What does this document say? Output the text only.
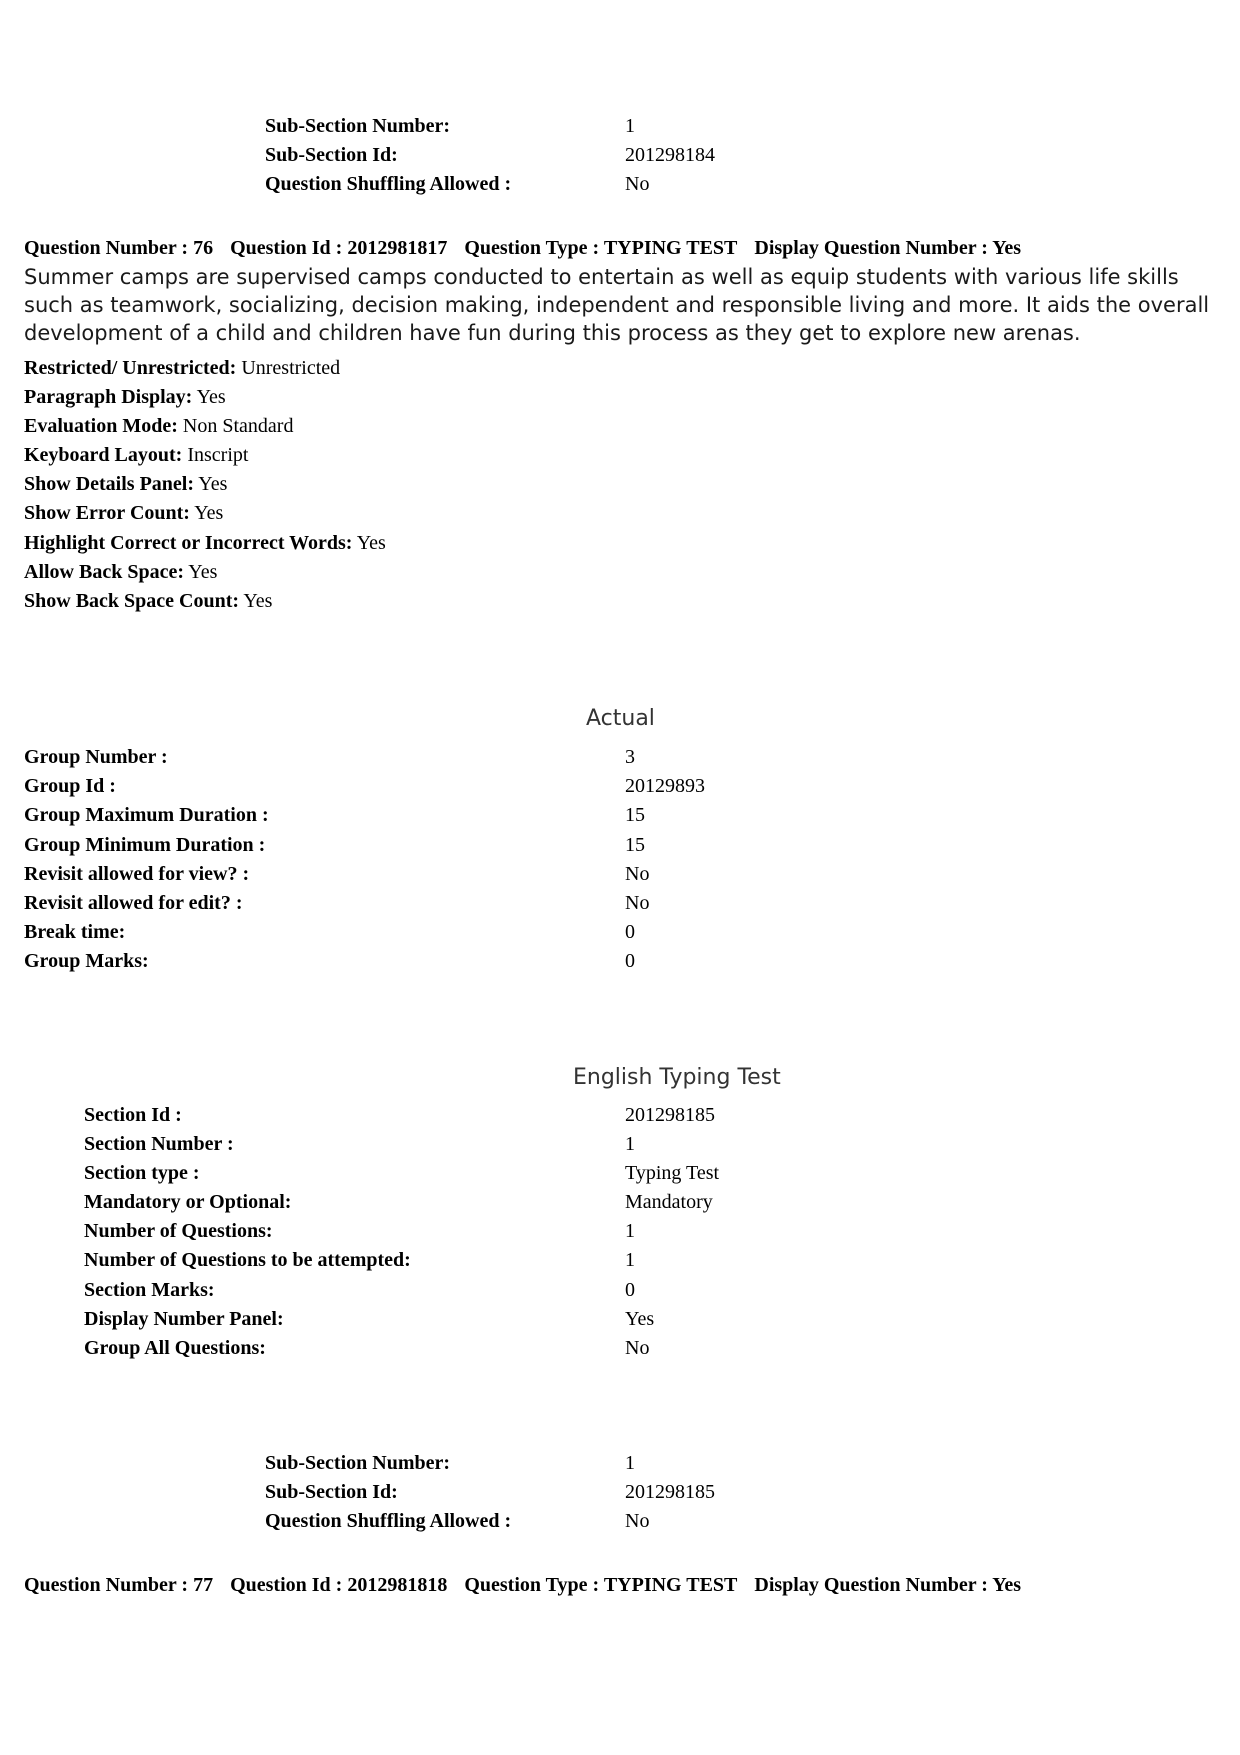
Sub-Section Number:	1
Sub-Section Id:	201298184
Question Shuffling Allowed :	No
Question Number : 76 Question Id : 2012981817 Question Type : TYPING TEST Display Question Number : Yes
Summer camps are supervised camps conducted to entertain as well as equip students with various life skills such as teamwork, socializing, decision making, independent and responsible living and more. It aids the overall development of a child and children have fun during this process as they get to explore new arenas.
Restricted/ Unrestricted: Unrestricted
Paragraph Display: Yes
Evaluation Mode: Non Standard
Keyboard Layout: Inscript
Show Details Panel: Yes
Show Error Count: Yes
Highlight Correct or Incorrect Words: Yes
Allow Back Space: Yes
Show Back Space Count: Yes
Actual
Group Number :	3
Group Id :	20129893
Group Maximum Duration :	15
Group Minimum Duration :	15
Revisit allowed for view? :	No
Revisit allowed for edit? :	No
Break time:	0
Group Marks:	0
English Typing Test
Section Id :	201298185
Section Number :	1
Section type :	Typing Test
Mandatory or Optional:	Mandatory
Number of Questions:	1
Number of Questions to be attempted:	1
Section Marks:	0
Display Number Panel:	Yes
Group All Questions:	No
Sub-Section Number:	1
Sub-Section Id:	201298185
Question Shuffling Allowed :	No
Question Number : 77 Question Id : 2012981818 Question Type : TYPING TEST Display Question Number : Yes
